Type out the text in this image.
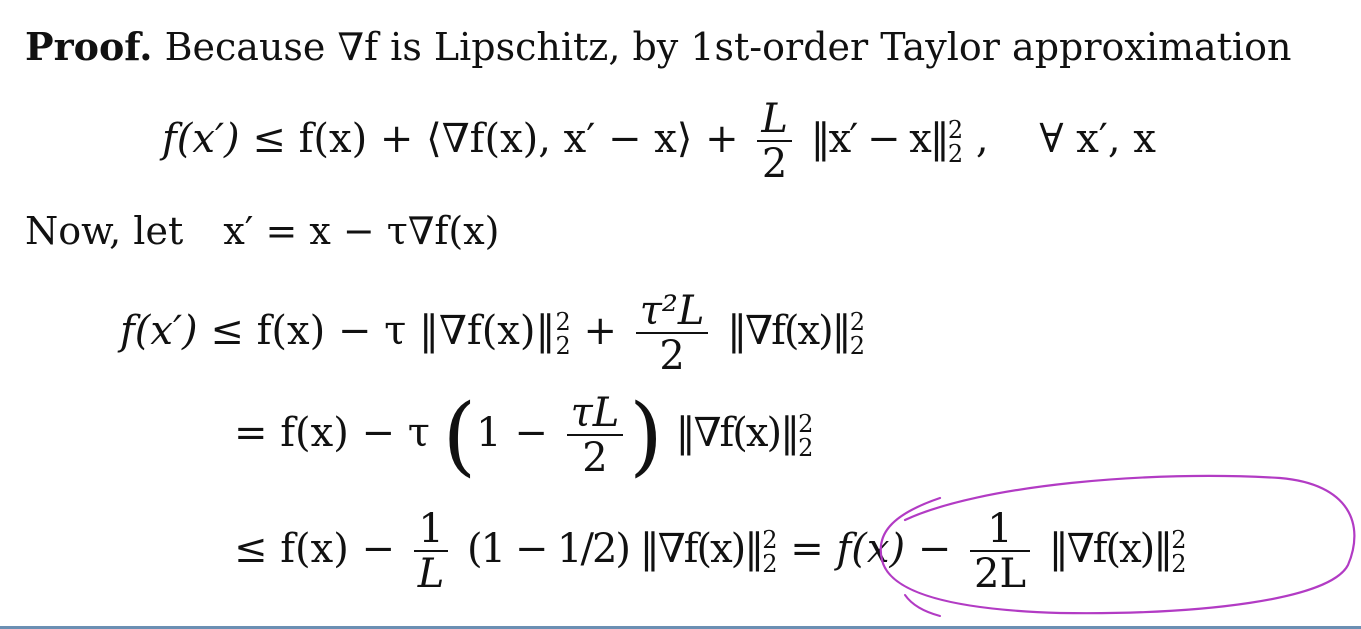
Proof. Because ∇f is Lipschitz, by 1st-order Taylor approximation
f(x′) ≤ f(x) + ⟨∇f(x), x′ − x⟩ + $\frac{L}{2}$ ‖x′ − x‖ 2
2 ,    ∀ x′, x
Now, let x′ = x − τ∇f(x)
f(x′) ≤ f(x) − τ ‖∇f(x)‖ 2
$2 + \frac{\text{τ²L}}{2}$ ‖∇f(x)‖ 2
2
= f(x) − τ ($1 - \frac{\tau L}{2}$ ) ‖∇f(x)‖ 2
2
≤ $f(x) - \frac{1}{L} (1 - 1/2)$ ‖∇f(x)‖ 2
$2 = f(x) - \frac{1}{2L}$ ‖∇f(x)‖ 2
2
